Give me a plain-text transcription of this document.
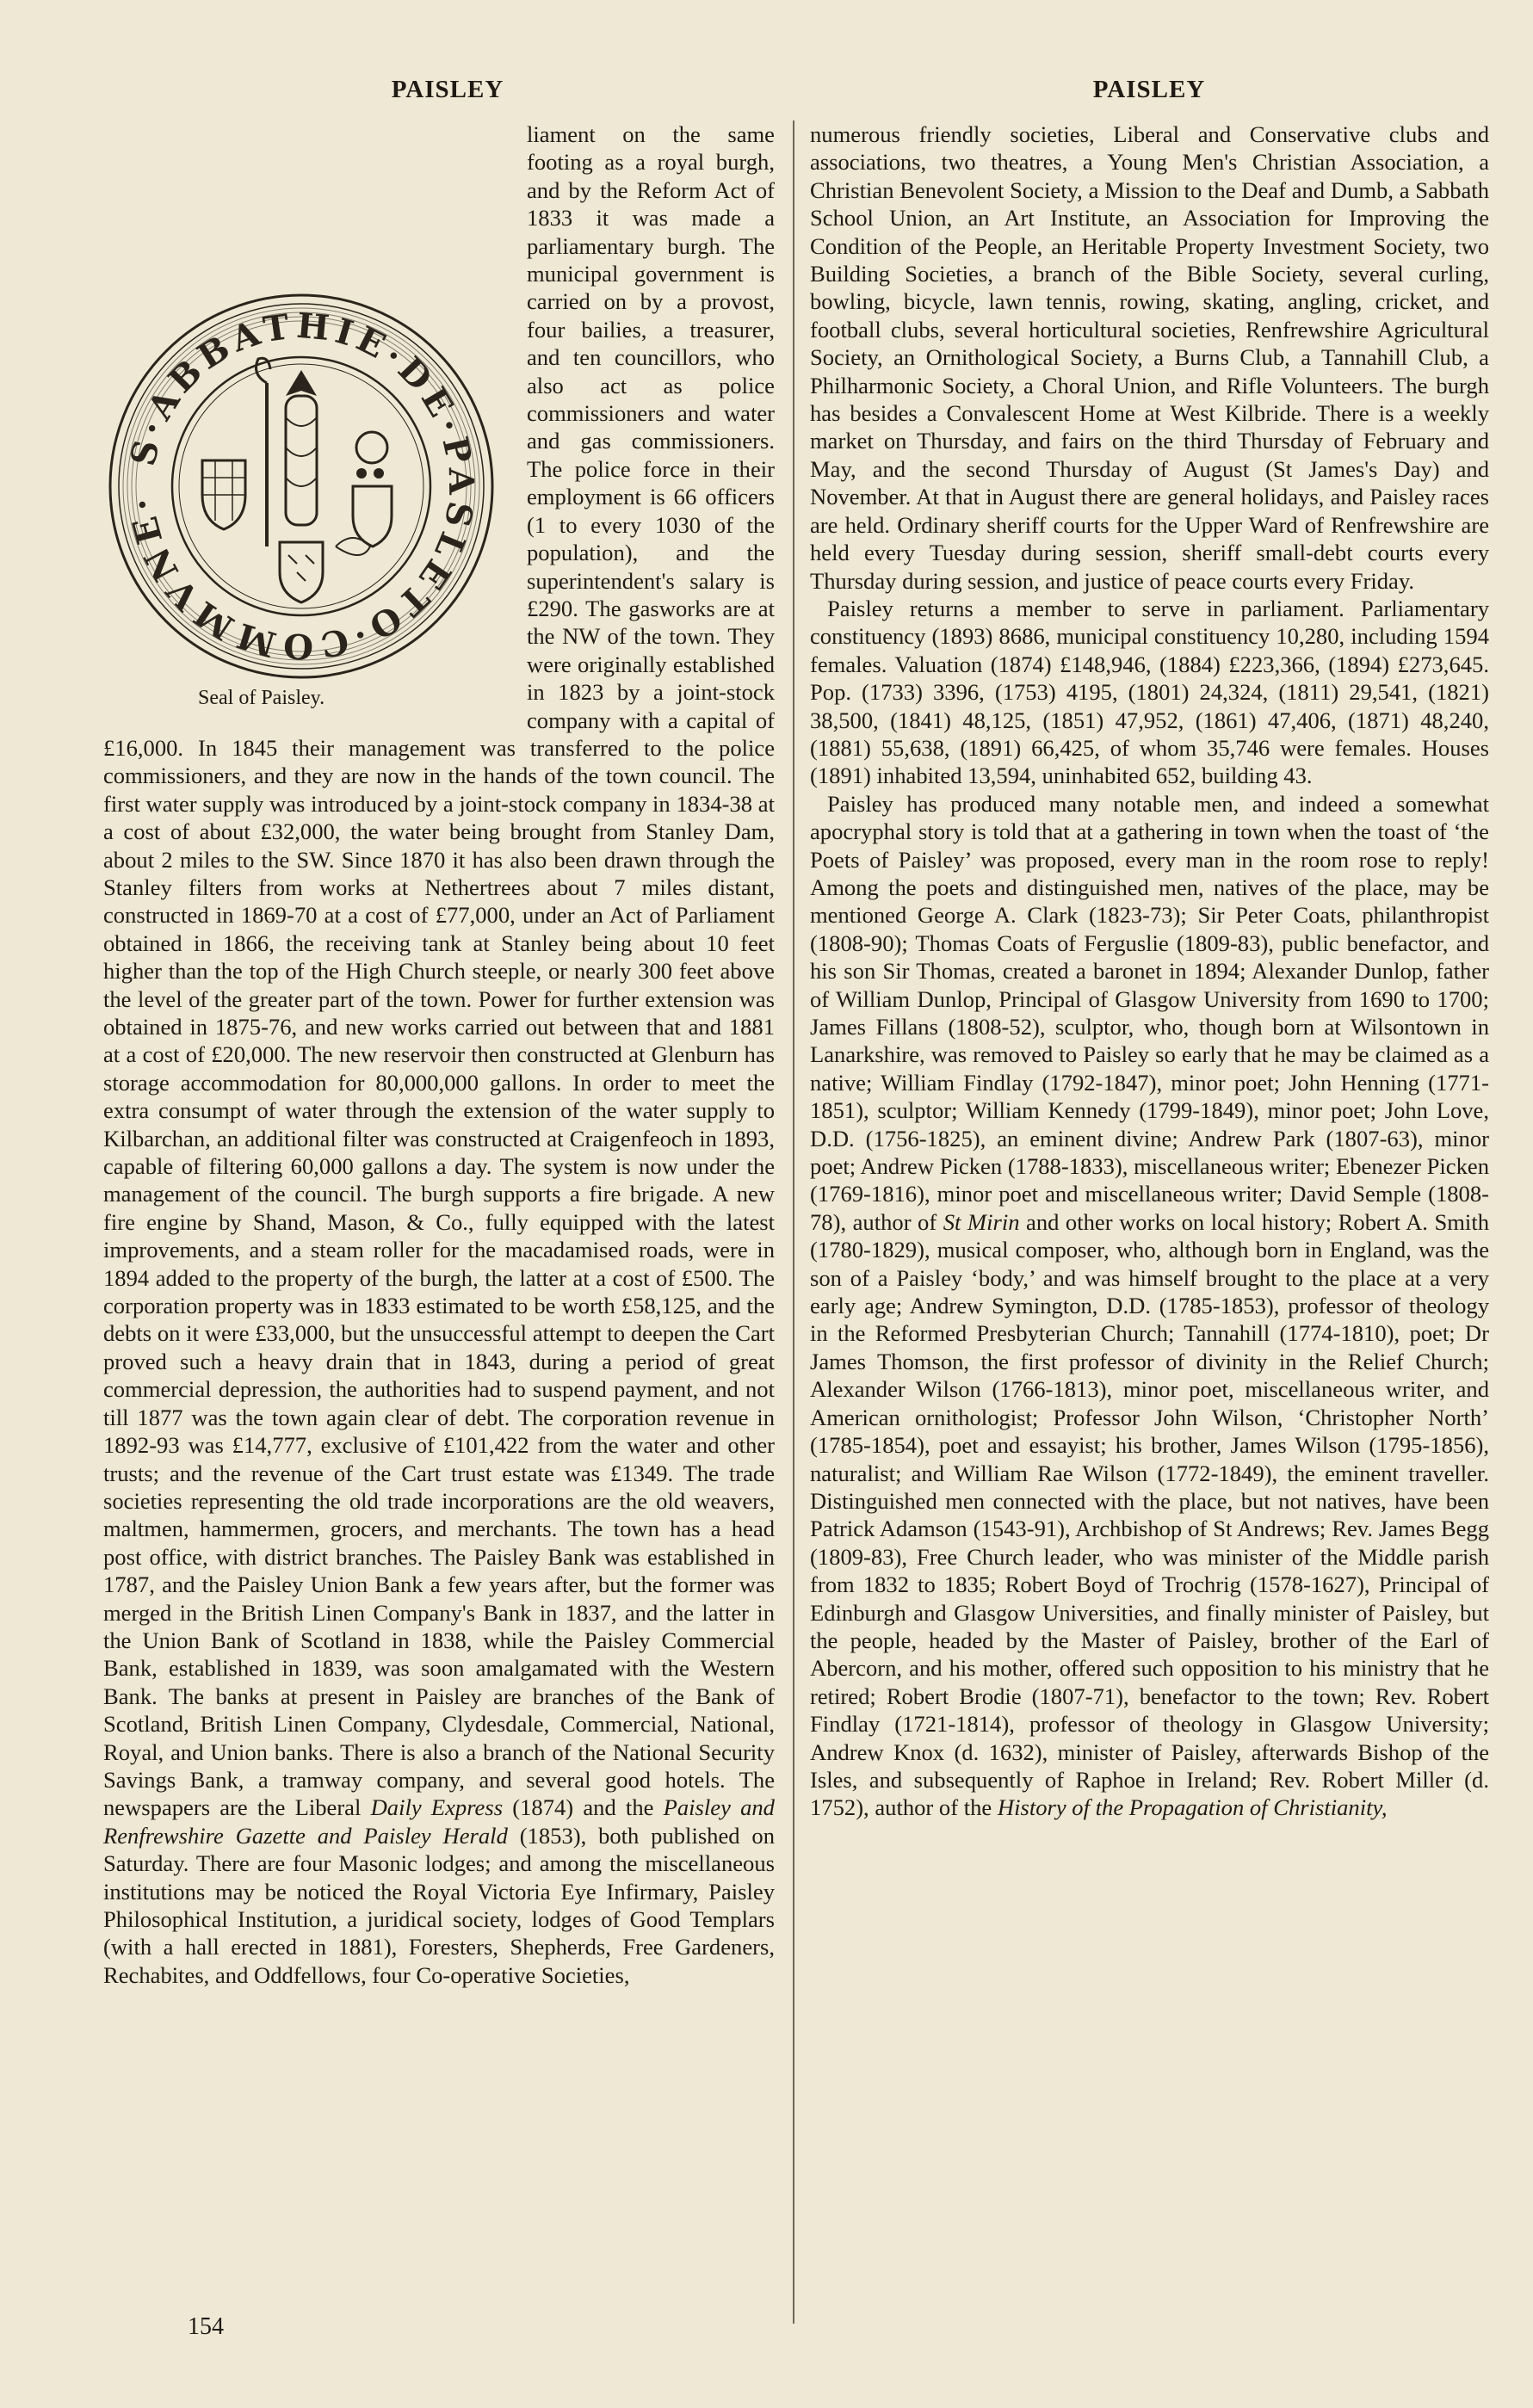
PAISLEY	PAISLEY

liament on the same footing as a royal burgh, and by the Reform Act of 1833 it was made a parliamentary burgh. The municipal government is carried on by a provost, four bailies, a treasurer, and ten councillors, who also act as police commissioners and water and gas commissioners. The police force in their employment is 66 officers (1 to every 1030 of the population), and the superintendent's salary is £290. The gasworks are at the NW of the town. They were originally established in 1823 by a joint-stock company with a capital of £16,000. In 1845 their management was transferred to the police commissioners, and they are now in the hands of the town council. The first water supply was introduced by a joint-stock company in 1834-38 at a cost of about £32,000, the water being brought from Stanley Dam, about 2 miles to the SW. Since 1870 it has also been drawn through the Stanley filters from works at Nethertrees about 7 miles distant, constructed in 1869-70 at a cost of £77,000, under an Act of Parliament obtained in 1866, the receiving tank at Stanley being about 10 feet higher than the top of the High Church steeple, or nearly 300 feet above the level of the greater part of the town. Power for further extension was obtained in 1875-76, and new works carried out between that and 1881 at a cost of £20,000. The new reservoir then constructed at Glenburn has storage accommodation for 80,000,000 gallons. In order to meet the extra consumpt of water through the extension of the water supply to Kilbarchan, an additional filter was constructed at Craigenfeoch in 1893, capable of filtering 60,000 gallons a day. The system is now under the management of the council. The burgh supports a fire brigade. A new fire engine by Shand, Mason, & Co., fully equipped with the latest improvements, and a steam roller for the macadamised roads, were in 1894 added to the property of the burgh, the latter at a cost of £500. The corporation property was in 1833 estimated to be worth £58,125, and the debts on it were £33,000, but the unsuccessful attempt to deepen the Cart proved such a heavy drain that in 1843, during a period of great commercial depression, the authorities had to suspend payment, and not till 1877 was the town again clear of debt. The corporation revenue in 1892-93 was £14,777, exclusive of £101,422 from the water and other trusts; and the revenue of the Cart trust estate was £1349. The trade societies representing the old trade incorporations are the old weavers, maltmen, hammermen, grocers, and merchants. The town has a head post office, with district branches. The Paisley Bank was established in 1787, and the Paisley Union Bank a few years after, but the former was merged in the British Linen Company's Bank in 1837, and the latter in the Union Bank of Scotland in 1838, while the Paisley Commercial Bank, established in 1839, was soon amalgamated with the Western Bank. The banks at present in Paisley are branches of the Bank of Scotland, British Linen Company, Clydesdale, Commercial, National, Royal, and Union banks. There is also a branch of the National Security Savings Bank, a tramway company, and several good hotels. The newspapers are the Liberal Daily Express (1874) and the Paisley and Renfrewshire Gazette and Paisley Herald (1853), both published on Saturday. There are four Masonic lodges; and among the miscellaneous institutions may be noticed the Royal Victoria Eye Infirmary, Paisley Philosophical Institution, a juridical society, lodges of Good Templars (with a hall erected in 1881), Foresters, Shepherds, Free Gardeners, Rechabites, and Oddfellows, four Co-operative Societies,

S·ABBATHIE·DE·PASLETO·COMMVNE·
Seal of Paisley.

numerous friendly societies, Liberal and Conservative clubs and associations, two theatres, a Young Men's Christian Association, a Christian Benevolent Society, a Mission to the Deaf and Dumb, a Sabbath School Union, an Art Institute, an Association for Improving the Condition of the People, an Heritable Property Investment Society, two Building Societies, a branch of the Bible Society, several curling, bowling, bicycle, lawn tennis, rowing, skating, angling, cricket, and football clubs, several horticultural societies, Renfrewshire Agricultural Society, an Ornithological Society, a Burns Club, a Tannahill Club, a Philharmonic Society, a Choral Union, and Rifle Volunteers. The burgh has besides a Convalescent Home at West Kilbride. There is a weekly market on Thursday, and fairs on the third Thursday of February and May, and the second Thursday of August (St James's Day) and November. At that in August there are general holidays, and Paisley races are held. Ordinary sheriff courts for the Upper Ward of Renfrewshire are held every Tuesday during session, sheriff small-debt courts every Thursday during session, and justice of peace courts every Friday.

Paisley returns a member to serve in parliament. Parliamentary constituency (1893) 8686, municipal constituency 10,280, including 1594 females. Valuation (1874) £148,946, (1884) £223,366, (1894) £273,645. Pop. (1733) 3396, (1753) 4195, (1801) 24,324, (1811) 29,541, (1821) 38,500, (1841) 48,125, (1851) 47,952, (1861) 47,406, (1871) 48,240, (1881) 55,638, (1891) 66,425, of whom 35,746 were females. Houses (1891) inhabited 13,594, uninhabited 652, building 43.

Paisley has produced many notable men, and indeed a somewhat apocryphal story is told that at a gathering in town when the toast of ‘the Poets of Paisley’ was proposed, every man in the room rose to reply! Among the poets and distinguished men, natives of the place, may be mentioned George A. Clark (1823-73); Sir Peter Coats, philanthropist (1808-90); Thomas Coats of Ferguslie (1809-83), public benefactor, and his son Sir Thomas, created a baronet in 1894; Alexander Dunlop, father of William Dunlop, Principal of Glasgow University from 1690 to 1700; James Fillans (1808-52), sculptor, who, though born at Wilsontown in Lanarkshire, was removed to Paisley so early that he may be claimed as a native; William Findlay (1792-1847), minor poet; John Henning (1771-1851), sculptor; William Kennedy (1799-1849), minor poet; John Love, D.D. (1756-1825), an eminent divine; Andrew Park (1807-63), minor poet; Andrew Picken (1788-1833), miscellaneous writer; Ebenezer Picken (1769-1816), minor poet and miscellaneous writer; David Semple (1808-78), author of St Mirin and other works on local history; Robert A. Smith (1780-1829), musical composer, who, although born in England, was the son of a Paisley ‘body,’ and was himself brought to the place at a very early age; Andrew Symington, D.D. (1785-1853), professor of theology in the Reformed Presbyterian Church; Tannahill (1774-1810), poet; Dr James Thomson, the first professor of divinity in the Relief Church; Alexander Wilson (1766-1813), minor poet, miscellaneous writer, and American ornithologist; Professor John Wilson, ‘Christopher North’ (1785-1854), poet and essayist; his brother, James Wilson (1795-1856), naturalist; and William Rae Wilson (1772-1849), the eminent traveller. Distinguished men connected with the place, but not natives, have been Patrick Adamson (1543-91), Archbishop of St Andrews; Rev. James Begg (1809-83), Free Church leader, who was minister of the Middle parish from 1832 to 1835; Robert Boyd of Trochrig (1578-1627), Principal of Edinburgh and Glasgow Universities, and finally minister of Paisley, but the people, headed by the Master of Paisley, brother of the Earl of Abercorn, and his mother, offered such opposition to his ministry that he retired; Robert Brodie (1807-71), benefactor to the town; Rev. Robert Findlay (1721-1814), professor of theology in Glasgow University; Andrew Knox (d. 1632), minister of Paisley, afterwards Bishop of the Isles, and subsequently of Raphoe in Ireland; Rev. Robert Miller (d. 1752), author of the History of the Propagation of Christianity,

154
